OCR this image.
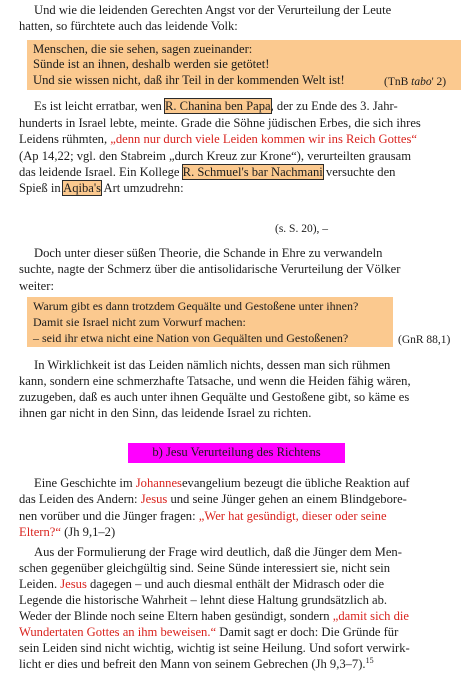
Und wie die leidenden Gerechten Angst vor der Verurteilung der Leute
hatten, so fürchtete auch das leidende Volk:
Menschen, die sie sehen, sagen zueinander:
Sünde ist an ihnen, deshalb werden sie getötet!
Und sie wissen nicht, daß ihr Teil in der kommenden Welt ist!	(TnB tabo' 2)
Es ist leicht erratbar, wen R. Chanina ben Papa, der zu Ende des 3. Jahr-
hunderts in Israel lebte, meinte. Grade die Söhne jüdischen Erbes, die sich ihres
Leidens rühmten, „denn nur durch viele Leiden kommen wir ins Reich Gottes“
(Ap 14,22; vgl. den Stabreim „durch Kreuz zur Krone“), verurteilten grausam
das leidende Israel. Ein Kollege R. Schmuel's bar Nachmani versuchte den
Spieß in Aqiba's Art umzudrehn:
(s. S. 20), –
Doch unter dieser süßen Theorie, die Schande in Ehre zu verwandeln
suchte, nagte der Schmerz über die antisolidarische Verurteilung der Völker
weiter:
Warum gibt es dann trotzdem Gequälte und Gestoßene unter ihnen?
Damit sie Israel nicht zum Vorwurf machen:
– seid ihr etwa nicht eine Nation von Gequälten und Gestoßenen?	(GnR 88,1)
In Wirklichkeit ist das Leiden nämlich nichts, dessen man sich rühmen
kann, sondern eine schmerzhafte Tatsache, und wenn die Heiden fähig wären,
zuzugeben, daß es auch unter ihnen Gequälte und Gestoßene gibt, so käme es
ihnen gar nicht in den Sinn, das leidende Israel zu richten.
b) Jesu Verurteilung des Richtens
Eine Geschichte im Johannesevangelium bezeugt die übliche Reaktion auf
das Leiden des Andern: Jesus und seine Jünger gehen an einem Blindgebore-
nen vorüber und die Jünger fragen: „Wer hat gesündigt, dieser oder seine
Eltern?“ (Jh 9,1–2)
Aus der Formulierung der Frage wird deutlich, daß die Jünger dem Men-
schen gegenüber gleichgültig sind. Seine Sünde interessiert sie, nicht sein
Leiden. Jesus dagegen – und auch diesmal enthält der Midrasch oder die
Legende die historische Wahrheit – lehnt diese Haltung grundsätzlich ab.
Weder der Blinde noch seine Eltern haben gesündigt, sondern „damit sich die
Wundertaten Gottes an ihm beweisen.“ Damit sagt er doch: Die Gründe für
sein Leiden sind nicht wichtig, wichtig ist seine Heilung. Und sofort verwirk-
licht er dies und befreit den Mann von seinem Gebrechen (Jh 9,3–7).$^{15}$
